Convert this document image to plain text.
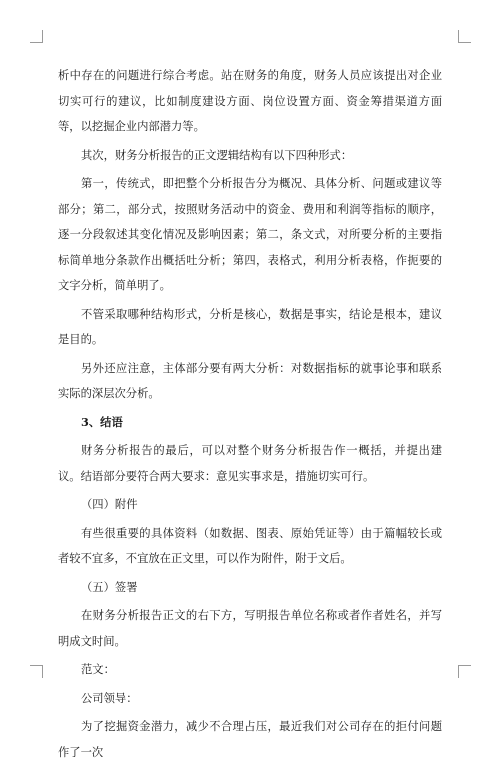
析中存在的问题进行综合考虑。站在财务的角度，财务人员应该提出对企业切实可行的建议，比如制度建设方面、岗位设置方面、资金筹措渠道方面等，以挖掘企业内部潜力等。

其次，财务分析报告的正文逻辑结构有以下四种形式：

第一，传统式，即把整个分析报告分为概况、具体分析、问题或建议等部分；第二，部分式，按照财务活动中的资金、费用和利润等指标的顺序，逐一分段叙述其变化情况及影响因素；第二，条文式，对所要分析的主要指标简单地分条款作出概括吐分析；第四，表格式，利用分析表格，作扼要的文字分析，简单明了。

不管采取哪种结构形式，分析是核心，数据是事实，结论是根本，建议是目的。

另外还应注意，主体部分要有两大分析：对数据指标的就事论事和联系实际的深层次分析。

3、结语

财务分析报告的最后，可以对整个财务分析报告作一概括，并提出建议。结语部分要符合两大要求：意见实事求是，措施切实可行。

（四）附件

有些很重要的具体资料（如数据、图表、原始凭证等）由于篇幅较长或者较不宜多，不宜放在正文里，可以作为附件，附于文后。

（五）签署

在财务分析报告正文的右下方，写明报告单位名称或者作者姓名，并写明成文时间。

范文：

公司领导：

为了挖掘资金潜力，减少不合理占压，最近我们对公司存在的拒付问题作了一次
